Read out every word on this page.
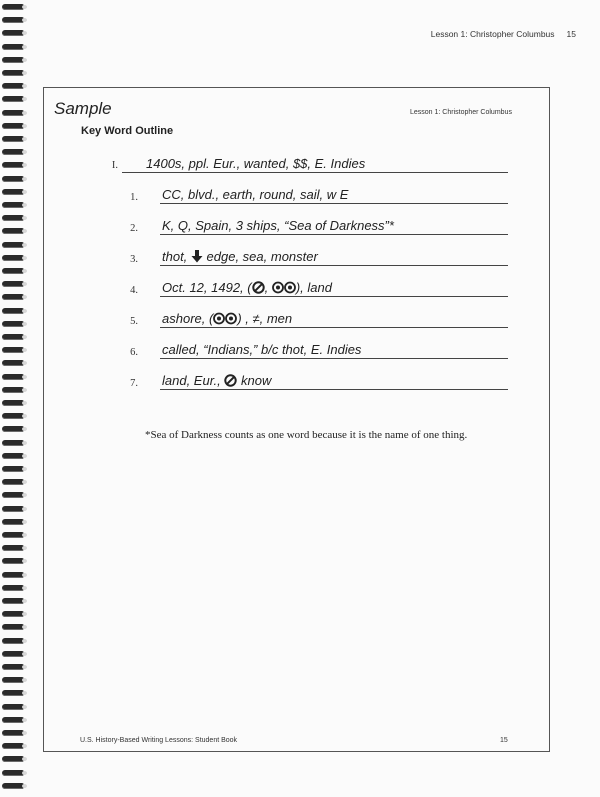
Lesson 1: Christopher Columbus 15
Sample	Lesson 1: Christopher Columbus
Key Word Outline
I. 1400s, ppl. Eur., wanted, $$, E. Indies
1. CC, blvd., earth, round, sail, w E
2. K, Q, Spain, 3 ships, “Sea of Darkness”*
3. thot,  edge, sea, monster
4. Oct. 12, 1492, ( , ), land
5. ashore, ( ) , ≠, men
6. called, “Indians,” b/c thot, E. Indies
7. land, Eur.,  know
*Sea of Darkness counts as one word because it is the name of one thing.
U.S. History-Based Writing Lessons: Student Book	15
